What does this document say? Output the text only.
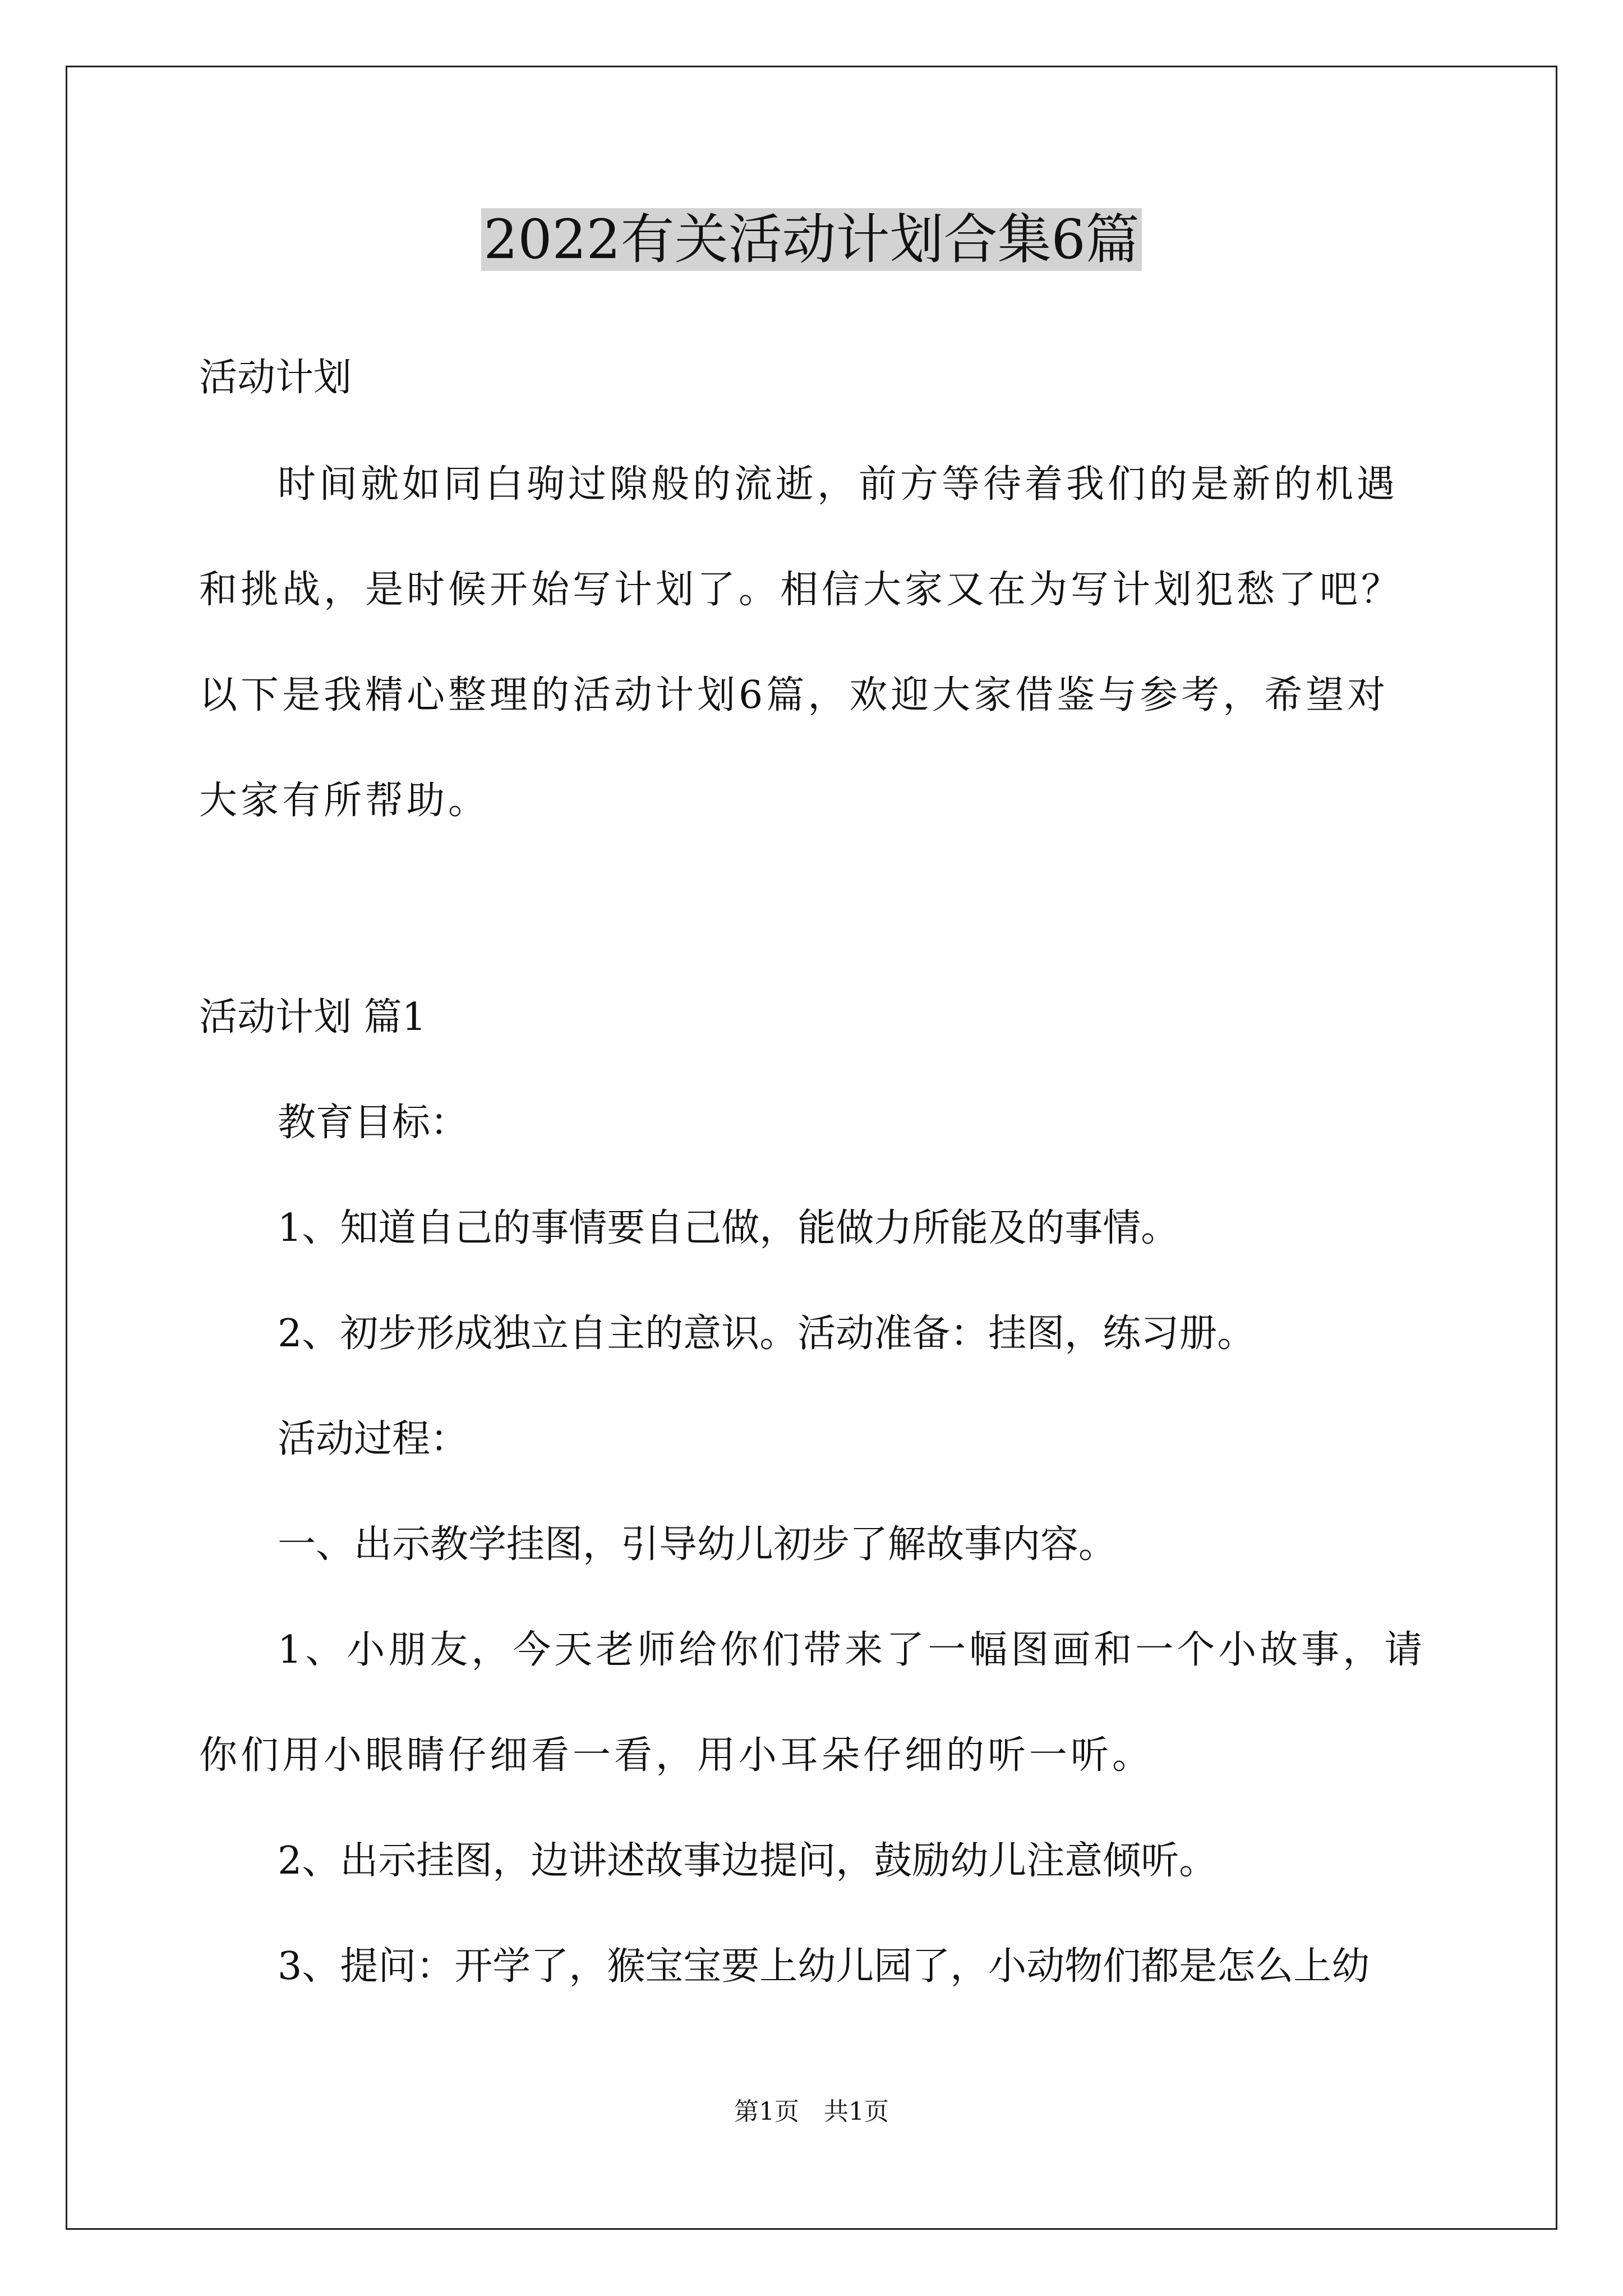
2022有关活动计划合集6篇

活动计划

时间就如同白驹过隙般的流逝，前方等待着我们的是新的机遇和挑战，是时候开始写计划了。相信大家又在为写计划犯愁了吧？以下是我精心整理的活动计划6篇，欢迎大家借鉴与参考，希望对大家有所帮助。

活动计划 篇1

教育目标：

1、知道自己的事情要自己做，能做力所能及的事情。

2、初步形成独立自主的意识。活动准备：挂图，练习册。

活动过程：

一、出示教学挂图，引导幼儿初步了解故事内容。

1、小朋友，今天老师给你们带来了一幅图画和一个小故事，请你们用小眼睛仔细看一看，用小耳朵仔细的听一听。

2、出示挂图，边讲述故事边提问，鼓励幼儿注意倾听。

3、提问：开学了，猴宝宝要上幼儿园了，小动物们都是怎么上幼

第1页　共1页
